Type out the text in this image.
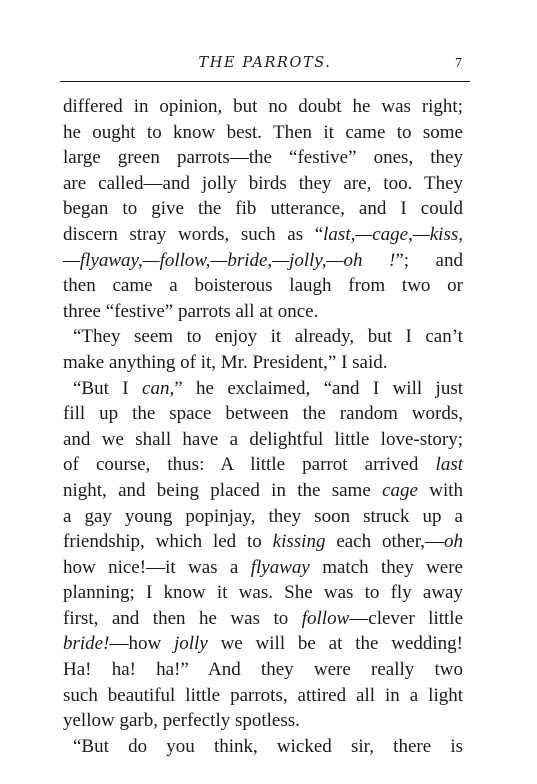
THE PARROTS.	7
differed in opinion, but no doubt he was right;
he ought to know best. Then it came to some
large green parrots—the “festive” ones, they
are called—and jolly birds they are, too. They
began to give the fib utterance, and I could
discern stray words, such as “last,—cage,—kiss,
—flyaway,—follow,—bride,—jolly,—oh !”; and
then came a boisterous laugh from two or
three “festive” parrots all at once.
“They seem to enjoy it already, but I can’t
make anything of it, Mr. President,” I said.
“But I can,” he exclaimed, “and I will just
fill up the space between the random words,
and we shall have a delightful little love-story;
of course, thus: A little parrot arrived last
night, and being placed in the same cage with
a gay young popinjay, they soon struck up a
friendship, which led to kissing each other,—oh
how nice!—it was a flyaway match they were
planning; I know it was. She was to fly away
first, and then he was to follow—clever little
bride!—how jolly we will be at the wedding!
Ha! ha! ha!” And they were really two
such beautiful little parrots, attired all in a light
yellow garb, perfectly spotless.
“But do you think, wicked sir, there is
